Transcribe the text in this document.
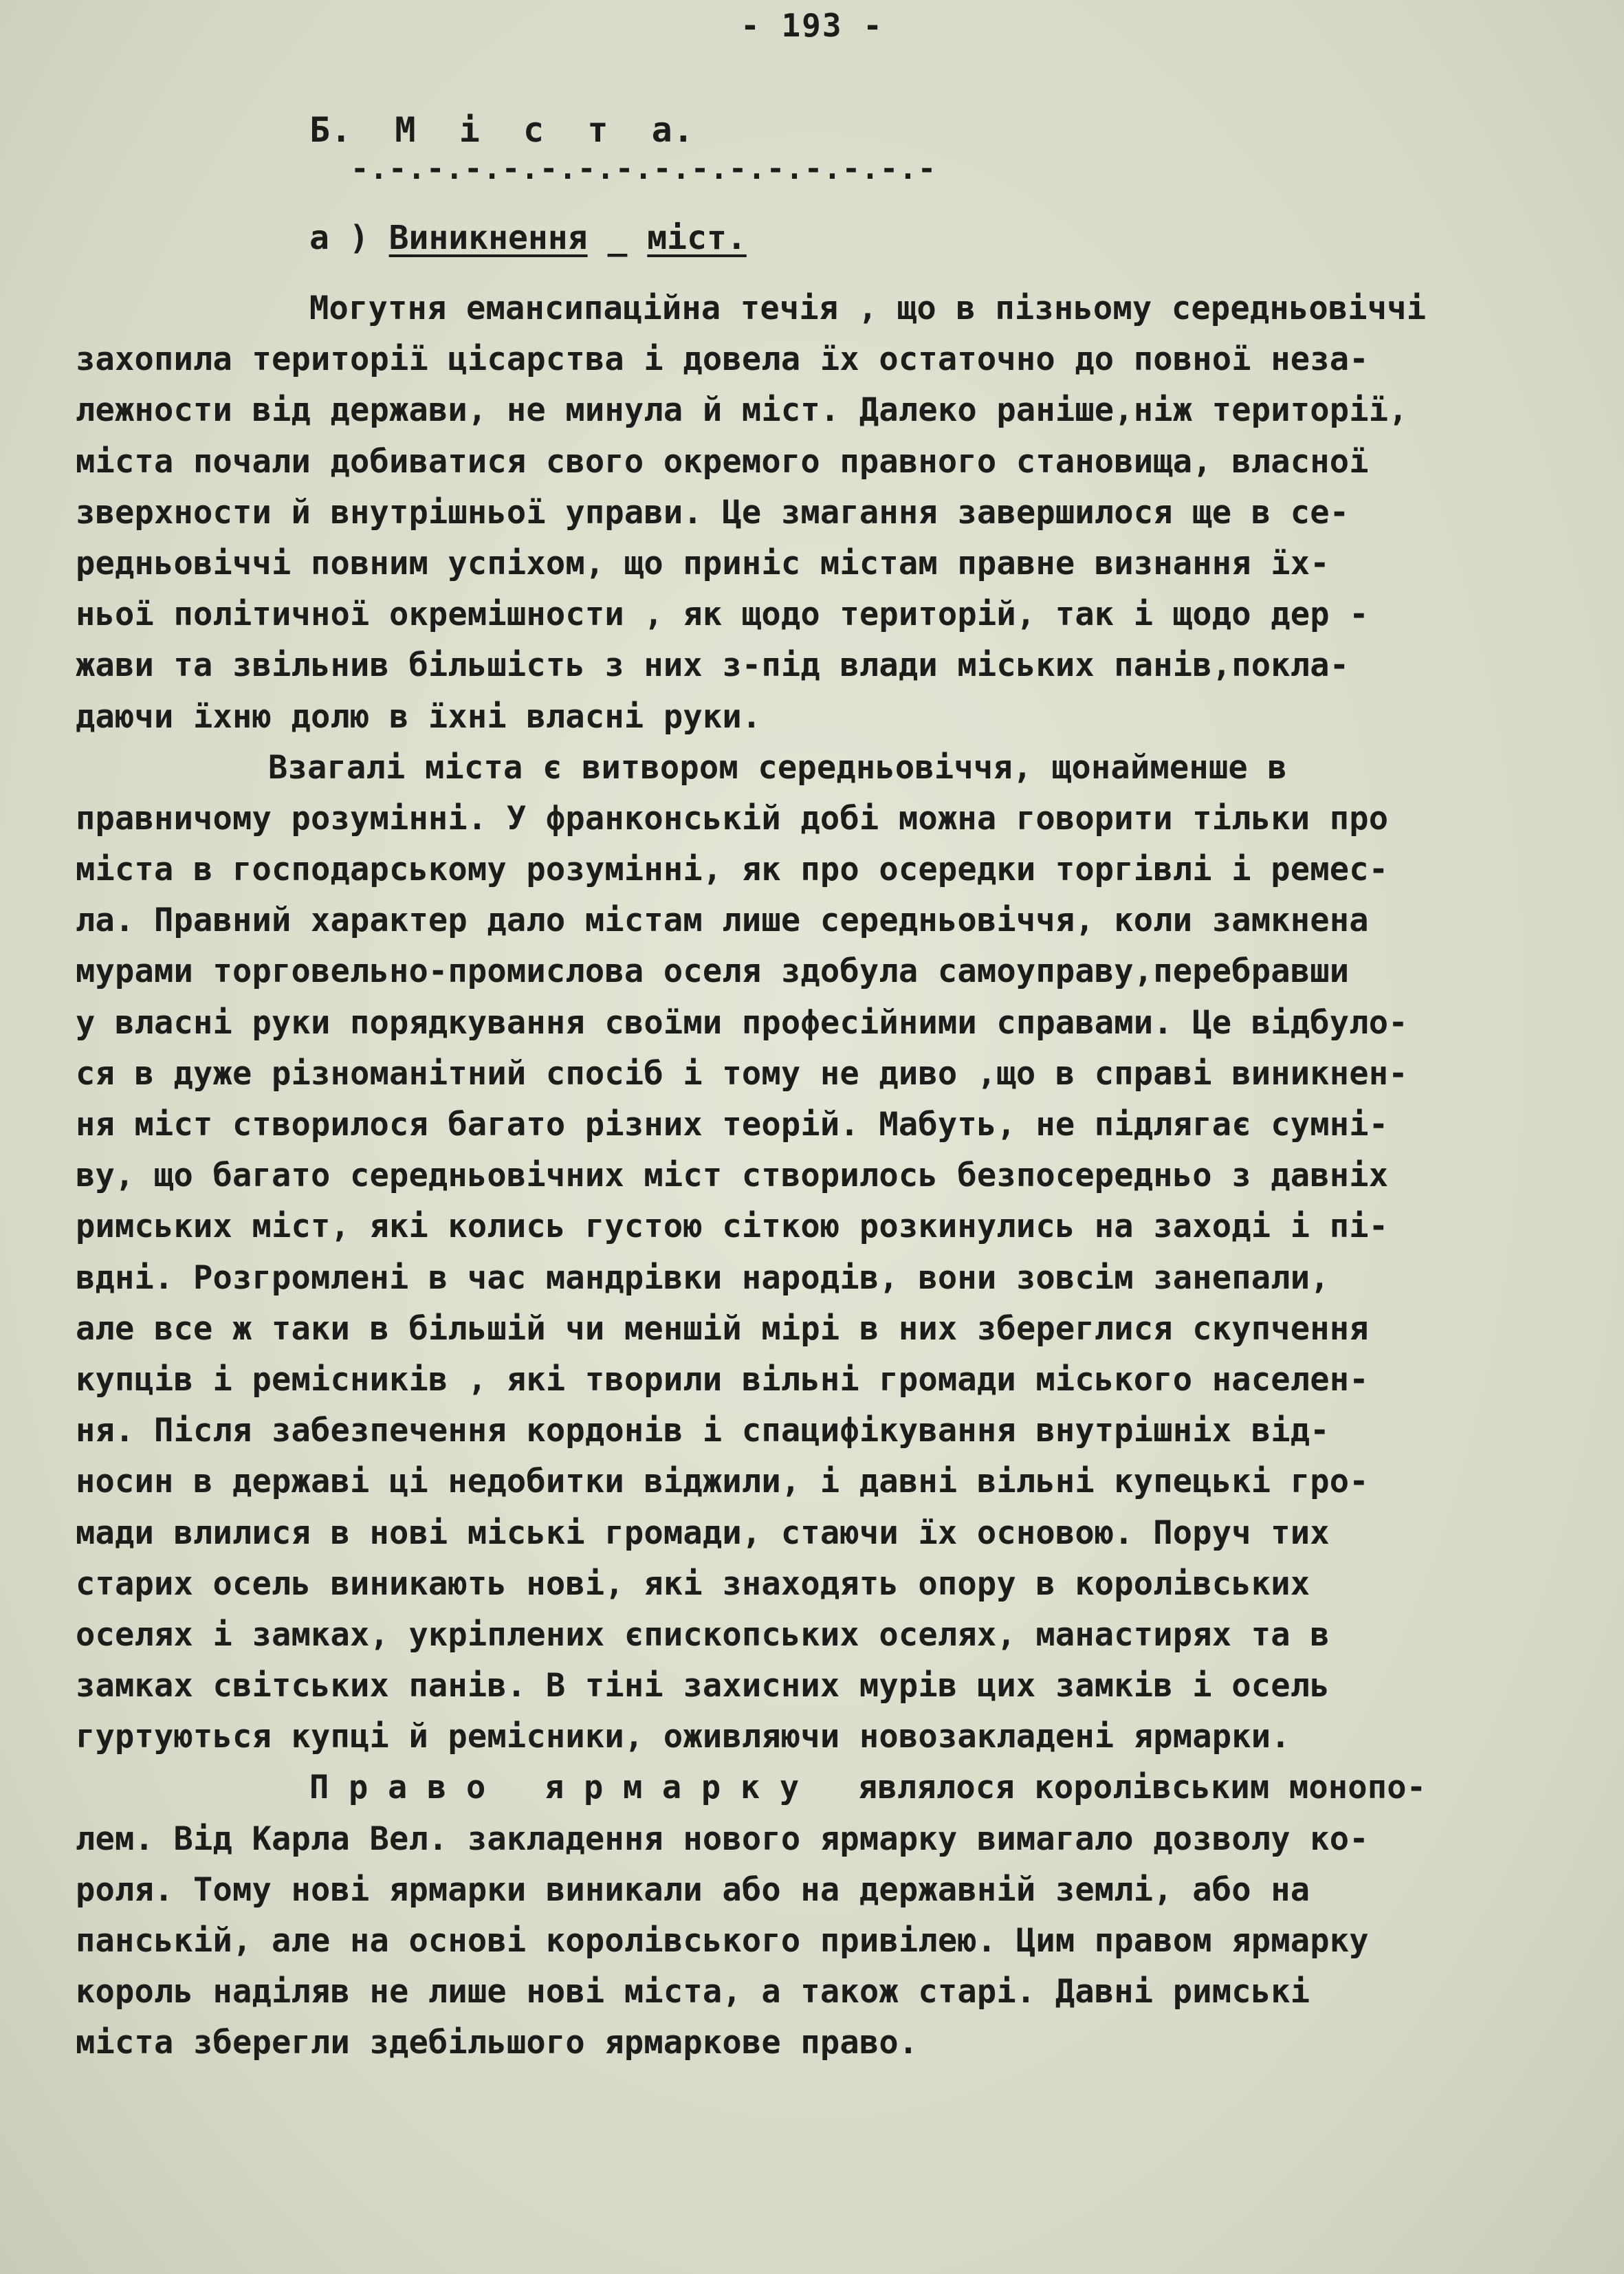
- 193 -
Б.  М  і  с  т  а.
-.-.-.-.-.-.-.-.-.-.-.-.-.-.-.-
а ) Виникнення _ міст.
Могутня емансипаційна течія , що в пізньому середньовіччі
захопила території цісарства і довела їх остаточно до повної неза-
лежности від держави, не минула й міст. Далеко раніше,ніж території,
міста почали добиватися свого окремого правного становища, власної
зверхности й внутрішньої управи. Це змагання завершилося ще в се-
редньовіччі повним успіхом, що приніс містам правне визнання їх-
ньої політичної окремішности , як щодо територій, так і щодо дер -
жави та звільнив більшість з них з-під влади міських панів,покла-
даючи їхню долю в їхні власні руки.
Взагалі міста є витвором середньовіччя, щонайменше в
правничому розумінні. У франконській добі можна говорити тільки про
міста в господарському розумінні, як про осередки торгівлі і ремес-
ла. Правний характер дало містам лише середньовіччя, коли замкнена
мурами торговельно-промислова оселя здобула самоуправу,перебравши
у власні руки порядкування своїми професійними справами. Це відбуло-
ся в дуже різноманітний спосіб і тому не диво ,що в справі виникнен-
ня міст створилося багато різних теорій. Мабуть, не підлягає сумні-
ву, що багато середньовічних міст створилось безпосередньо з давніх
римських міст, які колись густою сіткою розкинулись на заході і пі-
вдні. Розгромлені в час мандрівки народів, вони зовсім занепали,
але все ж таки в більшій чи меншій мірі в них збереглися скупчення
купців і ремісників , які творили вільні громади міського населен-
ня. Після забезпечення кордонів і спацифікування внутрішніх від-
носин в державі ці недобитки віджили, і давні вільні купецькі гро-
мади влилися в нові міські громади, стаючи їх основою. Поруч тих
старих осель виникають нові, які знаходять опору в королівських
оселях і замках, укріплених єпископських оселях, манастирях та в
замках світських панів. В тіні захисних мурів цих замків і осель
гуртуються купці й ремісники, оживляючи новозакладені ярмарки.
П р а в о   я р м а р к у   являлося королівським монопо-
лем. Від Карла Вел. закладення нового ярмарку вимагало дозволу ко-
роля. Тому нові ярмарки виникали або на державній землі, або на
панській, але на основі королівського привілею. Цим правом ярмарку
король наділяв не лише нові міста, а також старі. Давні римські
міста зберегли здебільшого ярмаркове право.
